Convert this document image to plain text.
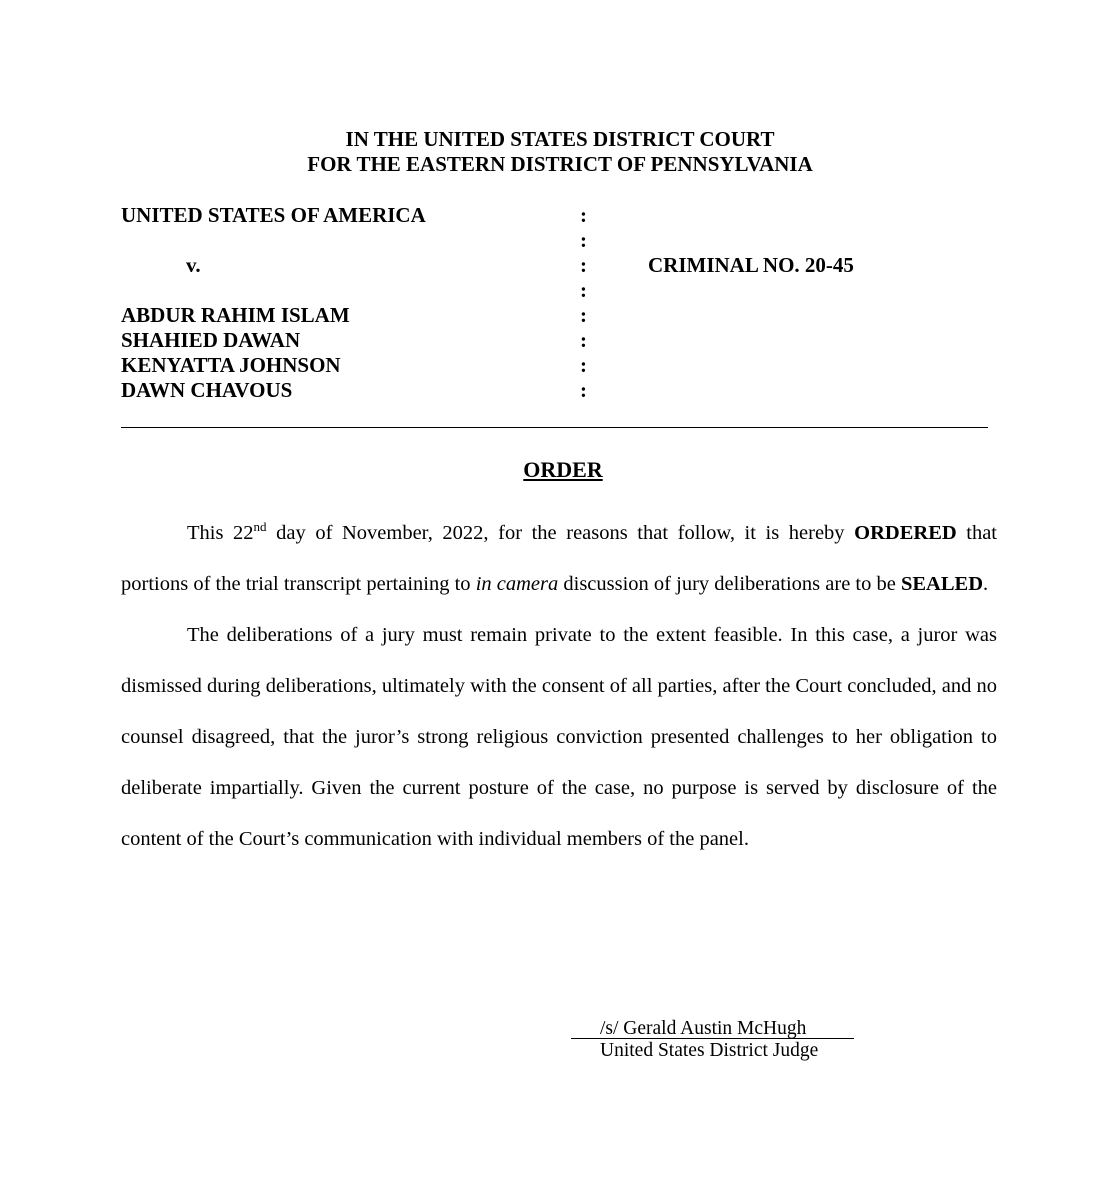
IN THE UNITED STATES DISTRICT COURT
FOR THE EASTERN DISTRICT OF PENNSYLVANIA
UNITED STATES OF AMERICA
v.
ABDUR RAHIM ISLAM
SHAHIED DAWAN
KENYATTA JOHNSON
DAWN CHAVOUS
:
:
:
:
:
:
:
:
CRIMINAL NO. 20-45
ORDER

This 22nd day of November, 2022, for the reasons that follow, it is hereby ORDERED that portions of the trial transcript pertaining to in camera discussion of jury deliberations are to be SEALED.

The deliberations of a jury must remain private to the extent feasible. In this case, a juror was dismissed during deliberations, ultimately with the consent of all parties, after the Court concluded, and no counsel disagreed, that the juror’s strong religious conviction presented challenges to her obligation to deliberate impartially. Given the current posture of the case, no purpose is served by disclosure of the content of the Court’s communication with individual members of the panel.

/s/ Gerald Austin McHugh
United States District Judge
